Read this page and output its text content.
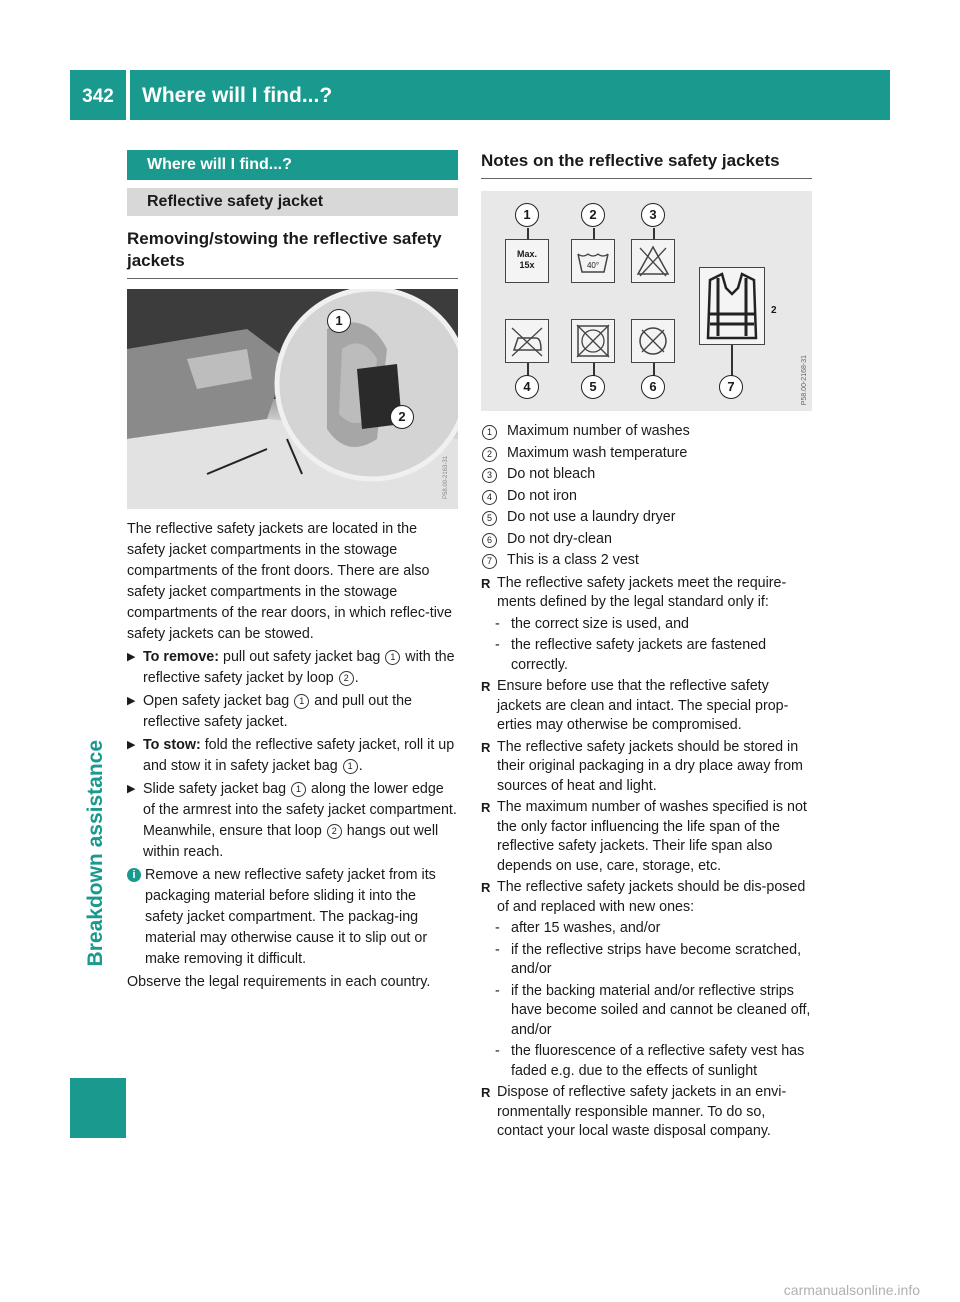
342	Where will I find...?
Breakdown assistance
Where will I find...?
Reflective safety jacket
Removing/stowing the reflective safety jackets
P58.00-2163-31
1
2

The reflective safety jackets are located in the safety jacket compartments in the stowage compartments of the front doors. There are also safety jacket compartments in the stowage compartments of the rear doors, in which reflec-tive safety jackets can be stowed.

▶ To remove: pull out safety jacket bag 1 with the reflective safety jacket by loop 2 .
▶ Open safety jacket bag 1 and pull out the reflective safety jacket.
▶ To stow: fold the reflective safety jacket, roll it up and stow it in safety jacket bag 1 .
▶ Slide safety jacket bag 1 along the lower edge of the armrest into the safety jacket compartment. Meanwhile, ensure that loop 2 hangs out well within reach.
i Remove a new reflective safety jacket from its packaging material before sliding it into the safety jacket compartment. The packag-ing material may otherwise cause it to slip out or make removing it difficult.

Observe the legal requirements in each country.

Notes on the reflective safety jackets
1	2	3
Max.
15x	40°
2
4	5	6	7	P58.00-2168-31
1	Maximum number of washes
2	Maximum wash temperature
3	Do not bleach
4	Do not iron
5	Do not use a laundry dryer
6	Do not dry-clean
7	This is a class 2 vest
R The reflective safety jackets meet the require-ments defined by the legal standard only if:
- the correct size is used, and
- the reflective safety jackets are fastened correctly.
R Ensure before use that the reflective safety jackets are clean and intact. The special prop-erties may otherwise be compromised.
R The reflective safety jackets should be stored in their original packaging in a dry place away from sources of heat and light.
R The maximum number of washes specified is not the only factor influencing the life span of the reflective safety jackets. Their life span also depends on use, care, storage, etc.
R The reflective safety jackets should be dis-posed of and replaced with new ones:
- after 15 washes, and/or
- if the reflective strips have become scratched, and/or
- if the backing material and/or reflective strips have become soiled and cannot be cleaned off, and/or
- the fluorescence of a reflective safety vest has faded e.g. due to the effects of sunlight
R Dispose of reflective safety jackets in an envi-ronmentally responsible manner. To do so, contact your local waste disposal company.
carmanualsonline.info
